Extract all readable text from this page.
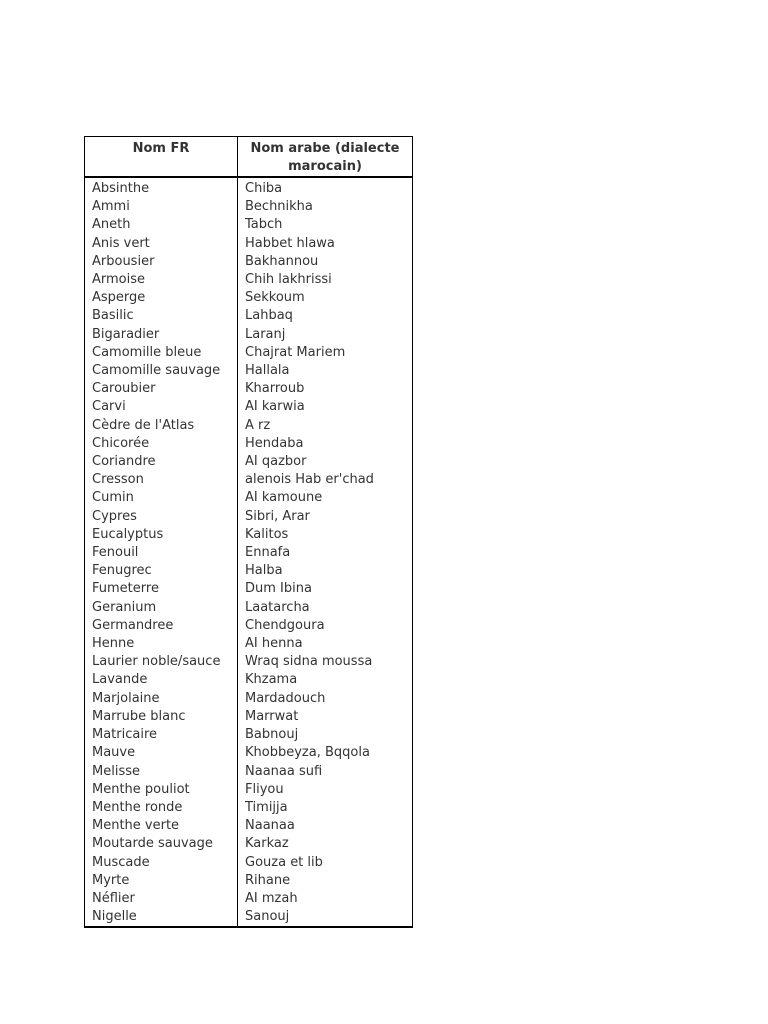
Nom FR	Nom arabe (dialecte marocain)
Absinthe	Chiba
Ammi	Bechnikha
Aneth	Tabch
Anis vert	Habbet hlawa
Arbousier	Bakhannou
Armoise	Chih lakhrissi
Asperge	Sekkoum
Basilic	Lahbaq
Bigaradier	Laranj
Camomille bleue	Chajrat Mariem
Camomille sauvage	Hallala
Caroubier	Kharroub
Carvi	AI karwia
Cèdre de l'Atlas	A rz
Chicorée	Hendaba
Coriandre	AI qazbor
Cresson	alenois Hab er'chad
Cumin	AI kamoune
Cypres	Sibri, Arar
Eucalyptus	Kalitos
Fenouil	Ennafa
Fenugrec	Halba
Fumeterre	Dum Ibina
Geranium	Laatarcha
Germandree	Chendgoura
Henne	AI henna
Laurier noble/sauce	Wraq sidna moussa
Lavande	Khzama
Marjolaine	Mardadouch
Marrube blanc	Marrwat
Matricaire	Babnouj
Mauve	Khobbeyza, Bqqola
Melisse	Naanaa sufi
Menthe pouliot	Fliyou
Menthe ronde	Timijja
Menthe verte	Naanaa
Moutarde sauvage	Karkaz
Muscade	Gouza et lib
Myrte	Rihane
Néflier	AI mzah
Nigelle	Sanouj
